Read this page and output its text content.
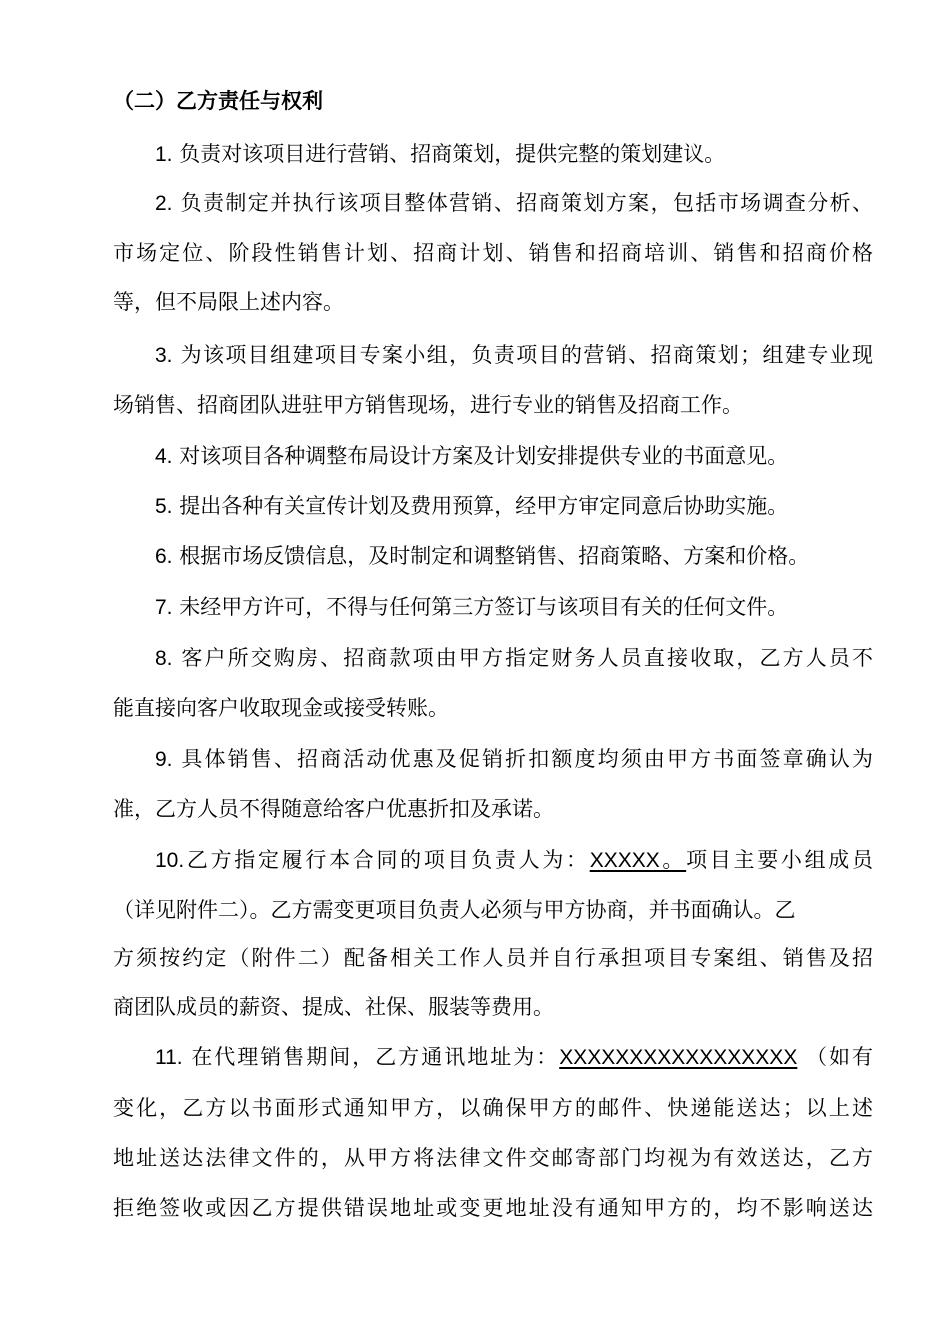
（二）乙方责任与权利
1. 负责对该项目进行营销、招商策划，提供完整的策划建议。
2. 负责制定并执行该项目整体营销、招商策划方案，包括市场调查分析、
市场定位、阶段性销售计划、招商计划、销售和招商培训、销售和招商价格
等，但不局限上述内容。
3. 为该项目组建项目专案小组，负责项目的营销、招商策划；组建专业现
场销售、招商团队进驻甲方销售现场，进行专业的销售及招商工作。
4. 对该项目各种调整布局设计方案及计划安排提供专业的书面意见。
5. 提出各种有关宣传计划及费用预算，经甲方审定同意后协助实施。
6. 根据市场反馈信息，及时制定和调整销售、招商策略、方案和价格。
7. 未经甲方许可，不得与任何第三方签订与该项目有关的任何文件。
8. 客户所交购房、招商款项由甲方指定财务人员直接收取，乙方人员不
能直接向客户收取现金或接受转账。
9. 具体销售、招商活动优惠及促销折扣额度均须由甲方书面签章确认为
准，乙方人员不得随意给客户优惠折扣及承诺。
10.乙方指定履行本合同的项目负责人为：XXXXX。项目主要小组成员
（详见附件二）。乙方需变更项目负责人必须与甲方协商，并书面确认。乙
方须按约定（附件二）配备相关工作人员并自行承担项目专案组、销售及招
商团队成员的薪资、提成、社保、服装等费用。
11. 在代理销售期间，乙方通讯地址为：XXXXXXXXXXXXXXXXX （如有
变化，乙方以书面形式通知甲方，以确保甲方的邮件、快递能送达；以上述
地址送达法律文件的，从甲方将法律文件交邮寄部门均视为有效送达，乙方
拒绝签收或因乙方提供错误地址或变更地址没有通知甲方的，均不影响送达
